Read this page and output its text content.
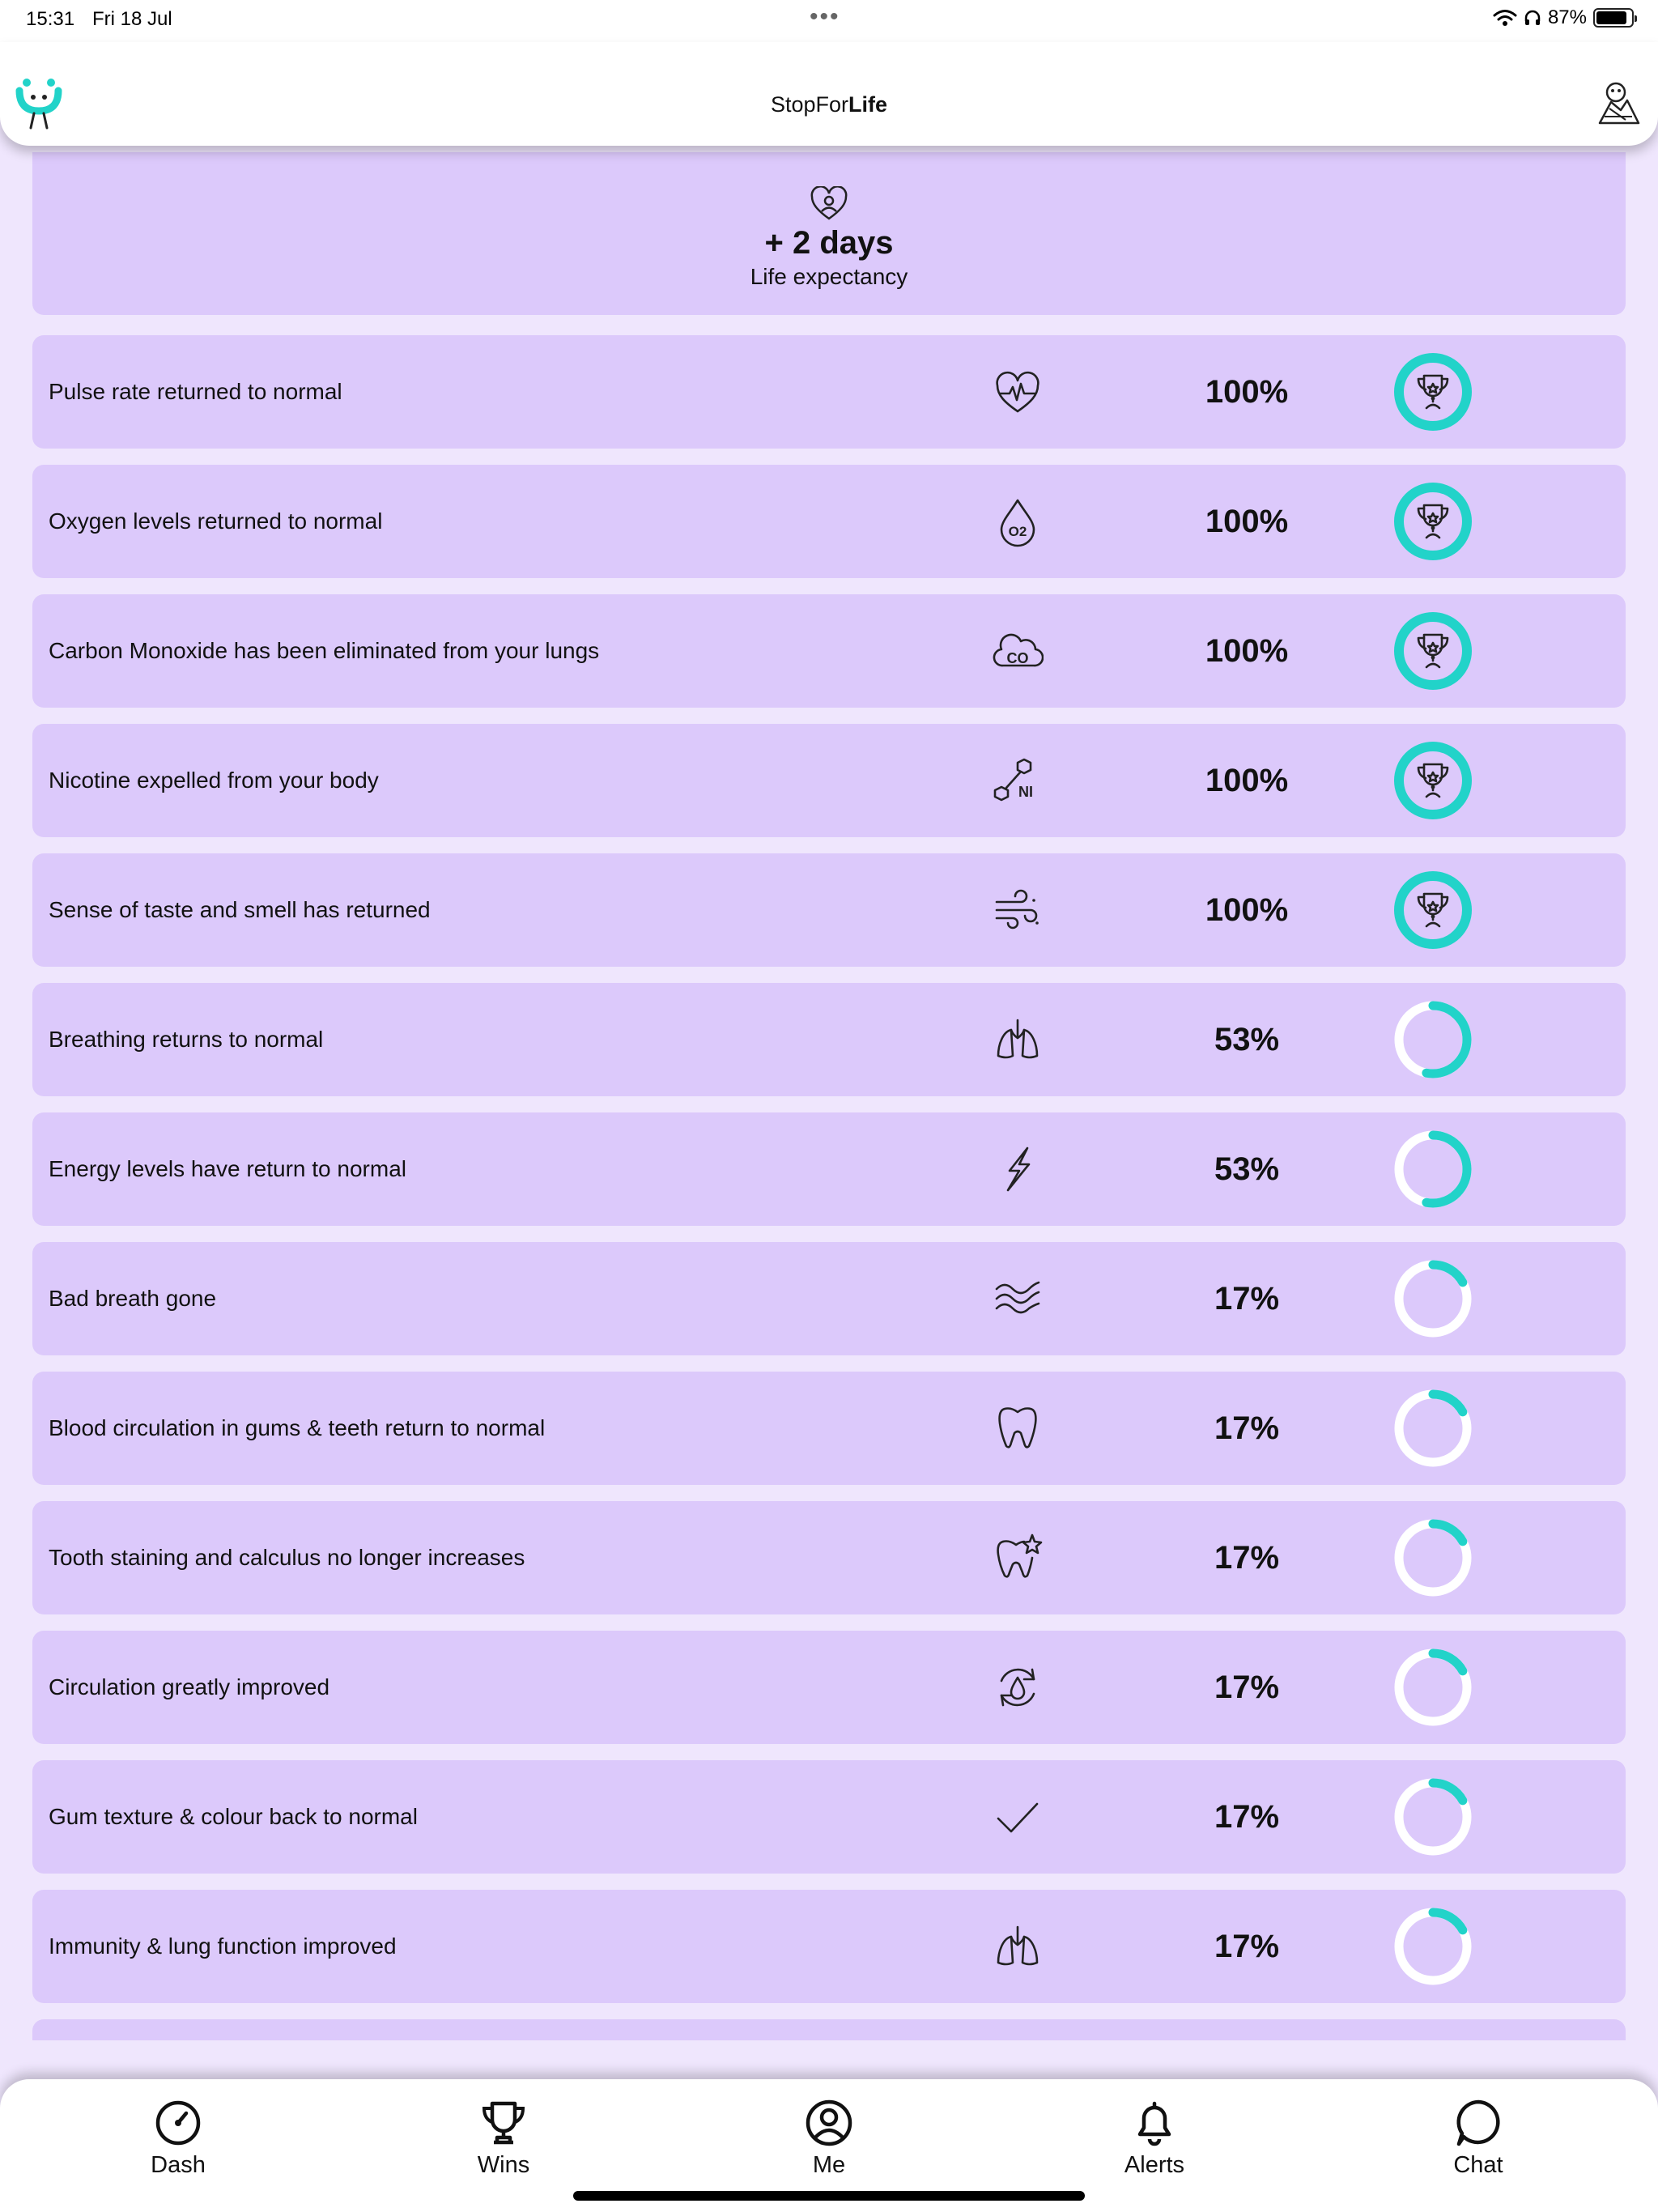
15:31 Fri 18 Jul	•••	87%
StopForLife
+ 2 days
Life expectancy
Pulse rate returned to normal	100%
Oxygen levels returned to normal	O2	100%
Carbon Monoxide has been eliminated from your lungs	CO	100%
Nicotine expelled from your body	NI	100%
Sense of taste and smell has returned	100%
Breathing returns to normal	53%
Energy levels have return to normal	53%
Bad breath gone	17%
Blood circulation in gums & teeth return to normal	17%
Tooth staining and calculus no longer increases	17%
Circulation greatly improved	17%
Gum texture & colour back to normal	17%
Immunity & lung function improved	17%
Dash	Wins	Me	Alerts	Chat
